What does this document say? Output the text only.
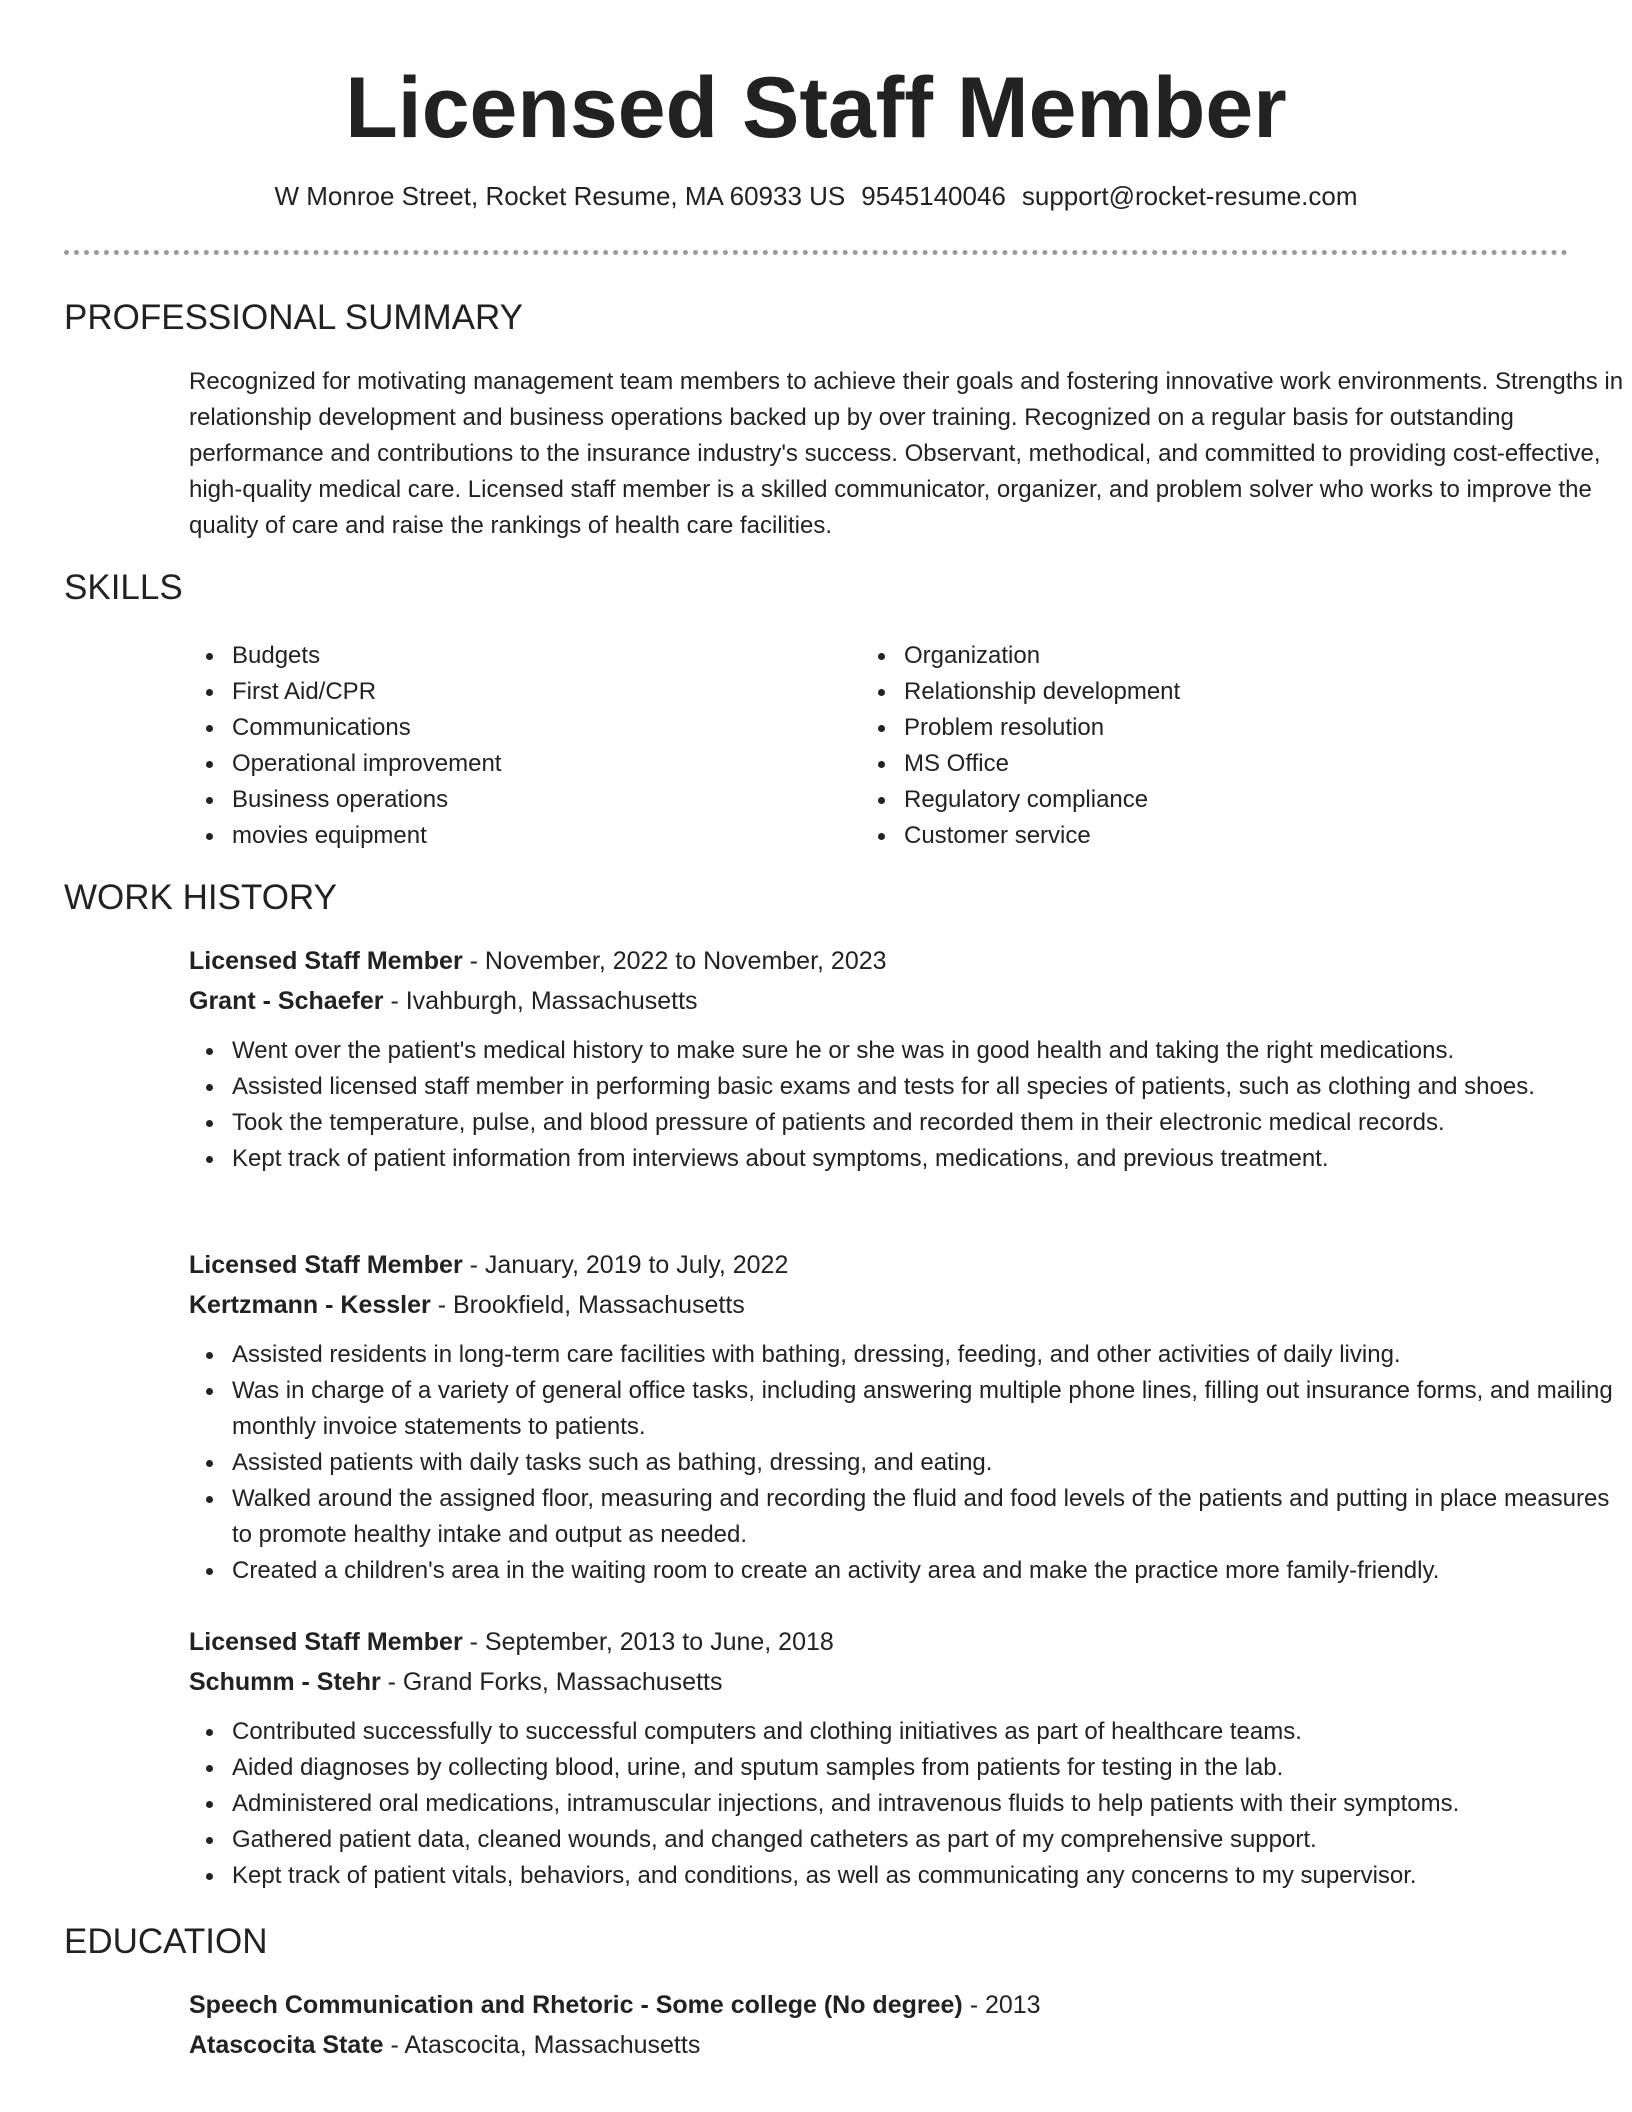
Licensed Staff Member
W Monroe Street, Rocket Resume, MA 60933 US 9545140046 support@rocket-resume.com
PROFESSIONAL SUMMARY
Recognized for motivating management team members to achieve their goals and fostering innovative work environments. Strengths in relationship development and business operations backed up by over training. Recognized on a regular basis for outstanding performance and contributions to the insurance industry's success. Observant, methodical, and committed to providing cost-effective, high-quality medical care. Licensed staff member is a skilled communicator, organizer, and problem solver who works to improve the quality of care and raise the rankings of health care facilities.
SKILLS
Budgets
First Aid/CPR
Communications
Operational improvement
Business operations
movies equipment
Organization
Relationship development
Problem resolution
MS Office
Regulatory compliance
Customer service
WORK HISTORY
Licensed Staff Member - November, 2022 to November, 2023
Grant - Schaefer - Ivahburgh, Massachusetts
Went over the patient's medical history to make sure he or she was in good health and taking the right medications.
Assisted licensed staff member in performing basic exams and tests for all species of patients, such as clothing and shoes.
Took the temperature, pulse, and blood pressure of patients and recorded them in their electronic medical records.
Kept track of patient information from interviews about symptoms, medications, and previous treatment.
Licensed Staff Member - January, 2019 to July, 2022
Kertzmann - Kessler - Brookfield, Massachusetts
Assisted residents in long-term care facilities with bathing, dressing, feeding, and other activities of daily living.
Was in charge of a variety of general office tasks, including answering multiple phone lines, filling out insurance forms, and mailing monthly invoice statements to patients.
Assisted patients with daily tasks such as bathing, dressing, and eating.
Walked around the assigned floor, measuring and recording the fluid and food levels of the patients and putting in place measures to promote healthy intake and output as needed.
Created a children's area in the waiting room to create an activity area and make the practice more family-friendly.
Licensed Staff Member - September, 2013 to June, 2018
Schumm - Stehr - Grand Forks, Massachusetts
Contributed successfully to successful computers and clothing initiatives as part of healthcare teams.
Aided diagnoses by collecting blood, urine, and sputum samples from patients for testing in the lab.
Administered oral medications, intramuscular injections, and intravenous fluids to help patients with their symptoms.
Gathered patient data, cleaned wounds, and changed catheters as part of my comprehensive support.
Kept track of patient vitals, behaviors, and conditions, as well as communicating any concerns to my supervisor.
EDUCATION
Speech Communication and Rhetoric - Some college (No degree) - 2013
Atascocita State - Atascocita, Massachusetts
